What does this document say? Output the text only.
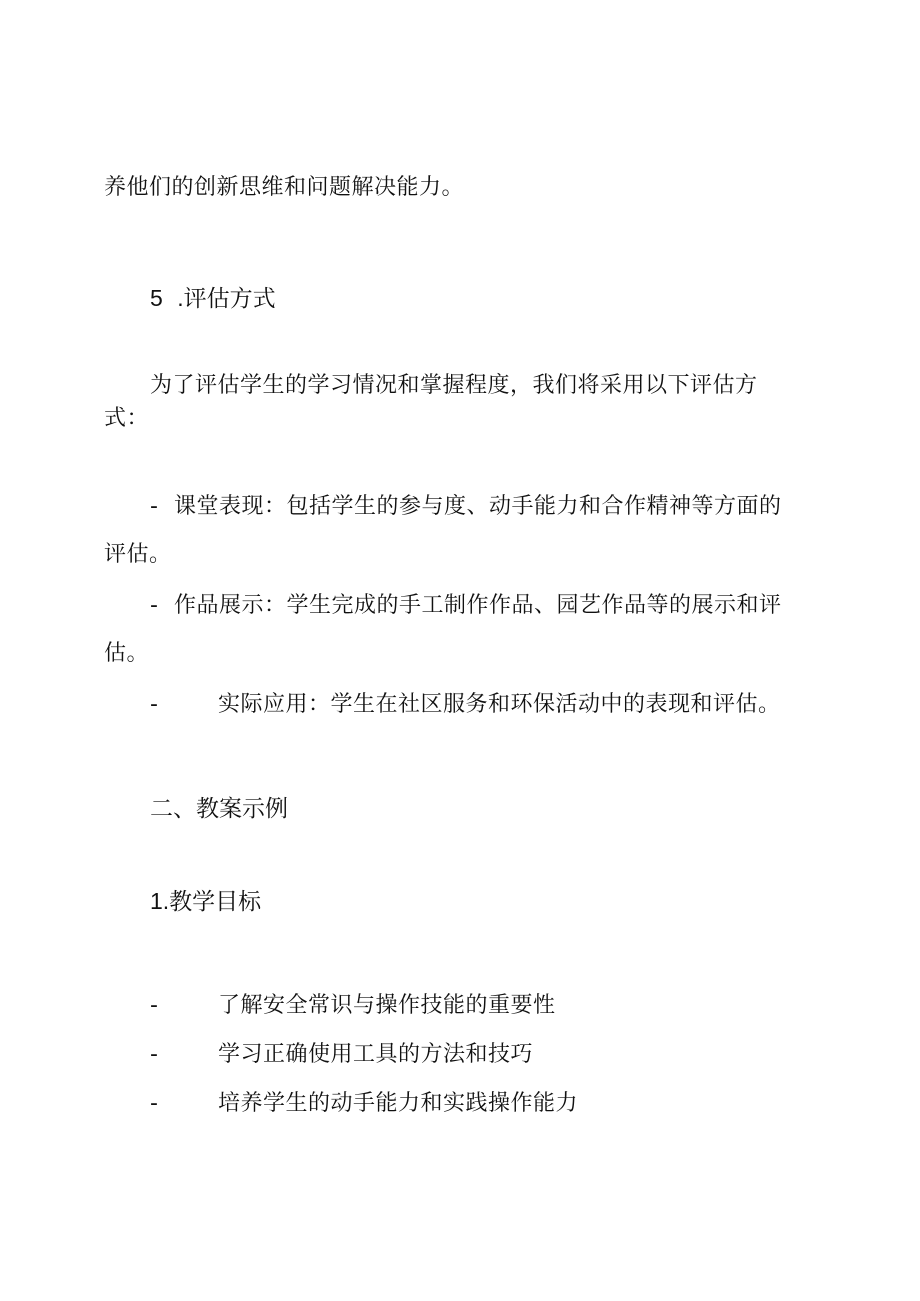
养他们的创新思维和问题解决能力。
5 .评估方式
为了评估学生的学习情况和掌握程度，我们将采用以下评估方
式：
- 课堂表现：包括学生的参与度、动手能力和合作精神等方面的
评估。
- 作品展示：学生完成的手工制作作品、园艺作品等的展示和评
估。
-	实际应用：学生在社区服务和环保活动中的表现和评估。
二、教案示例
1.教学目标
-	了解安全常识与操作技能的重要性
-	学习正确使用工具的方法和技巧
-	培养学生的动手能力和实践操作能力
